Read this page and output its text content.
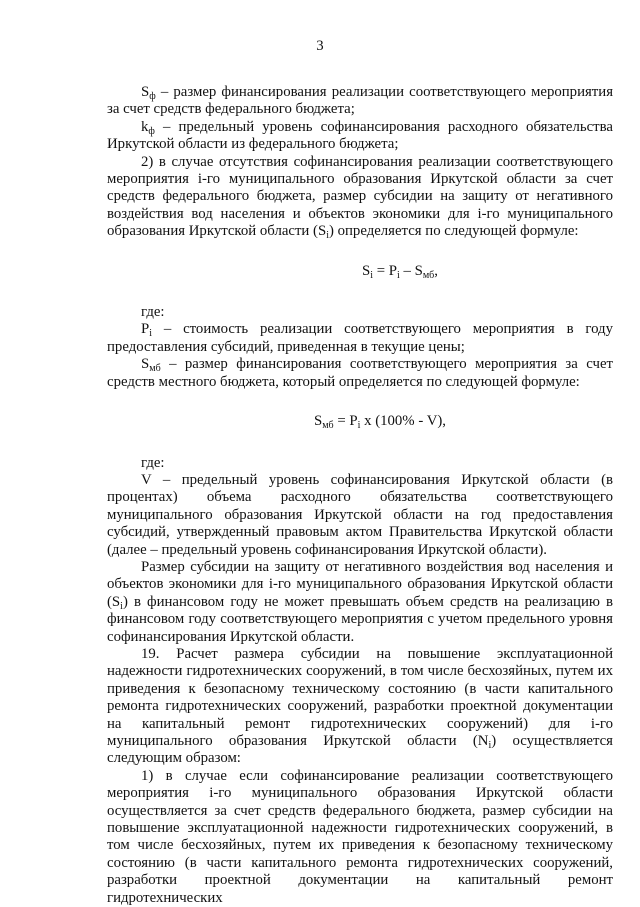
3

$S_ф$ – размер финансирования реализации соответствующего мероприятия за счет средств федерального бюджета;

$k_ф$ – предельный уровень софинансирования расходного обязательства Иркутской области из федерального бюджета;

2) в случае отсутствия софинансирования реализации соответствующего мероприятия i-го муниципального образования Иркутской области за счет средств федерального бюджета, размер субсидии на защиту от негативного воздействия вод населения и объектов экономики для i-го муниципального образования Иркутской области $(S_i)$ определяется по следующей формуле:

$S_i = P_i - S_{мб}$,

где:

$P_i$ – стоимость реализации соответствующего мероприятия в году предоставления субсидий, приведенная в текущие цены;

$S_{мб}$ – размер финансирования соответствующего мероприятия за счет средств местного бюджета, который определяется по следующей формуле:

$S_{мб} = P_i$ x (100% - V),

где:

V – предельный уровень софинансирования Иркутской области (в процентах) объема расходного обязательства соответствующего муниципального образования Иркутской области на год предоставления субсидий, утвержденный правовым актом Правительства Иркутской области (далее – предельный уровень софинансирования Иркутской области).

Размер субсидии на защиту от негативного воздействия вод населения и объектов экономики для i-го муниципального образования Иркутской области $(S_i)$ в финансовом году не может превышать объем средств на реализацию в финансовом году соответствующего мероприятия с учетом предельного уровня софинансирования Иркутской области.

19. Расчет размера субсидии на повышение эксплуатационной надежности гидротехнических сооружений, в том числе бесхозяйных, путем их приведения к безопасному техническому состоянию (в части капитального ремонта гидротехнических сооружений, разработки проектной документации на капитальный ремонт гидротехнических сооружений) для i-го муниципального образования Иркутской области $(N_i)$ осуществляется следующим образом:

1) в случае если софинансирование реализации соответствующего мероприятия i-го муниципального образования Иркутской области осуществляется за счет средств федерального бюджета, размер субсидии на повышение эксплуатационной надежности гидротехнических сооружений, в том числе бесхозяйных, путем их приведения к безопасному техническому состоянию (в части капитального ремонта гидротехнических сооружений, разработки проектной документации на капитальный ремонт гидротехнических
